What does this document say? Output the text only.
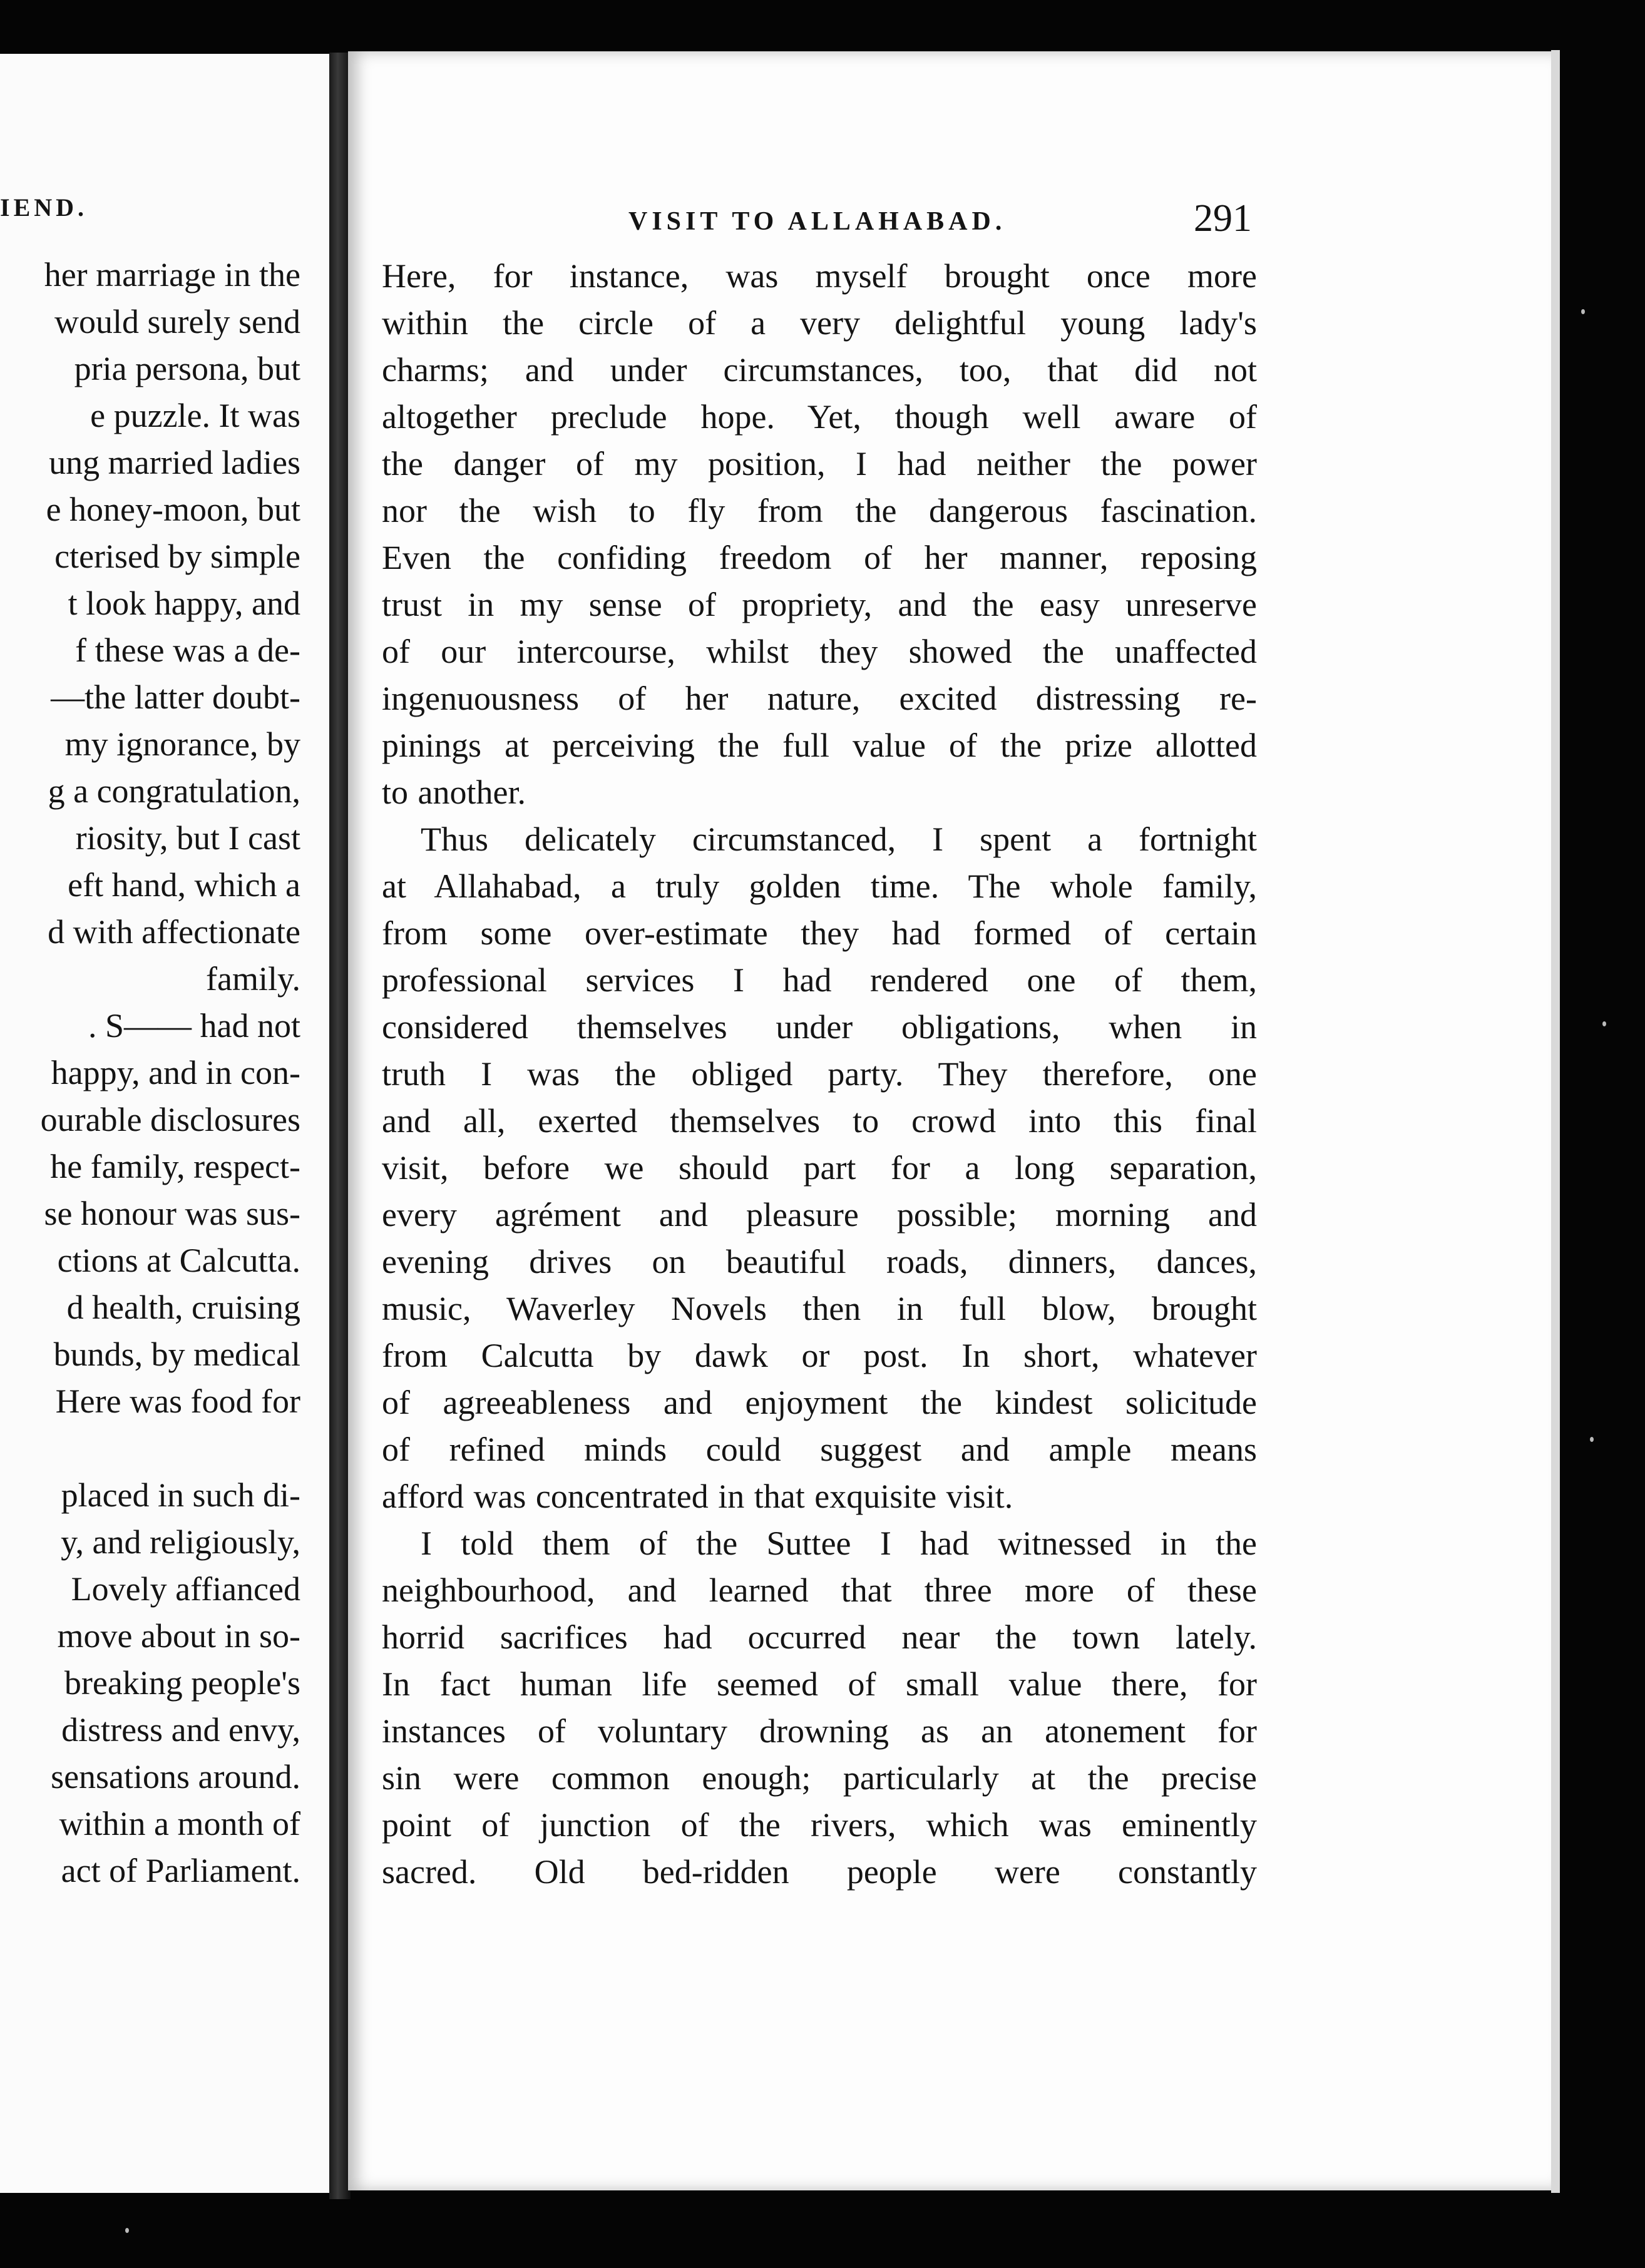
IEND.
her marriage in the
would surely send
pria persona, but
e puzzle. It was
ung married ladies
e honey-moon, but
cterised by simple
t look happy, and
f these was a de-
—the latter doubt-
my ignorance, by
g a congratulation,
riosity, but I cast
eft hand, which a
d with affectionate
family.
. S—— had not
happy, and in con-
ourable disclosures
he family, respect-
se honour was sus-
ctions at Calcutta.
d health, cruising
bunds, by medical
Here was food for
placed in such di-
y, and religiously,
Lovely affianced
move about in so-
breaking people's
distress and envy,
sensations around.
within a month of
act of Parliament.
VISIT TO ALLAHABAD.	291
Here, for instance, was myself brought once more
within the circle of a very delightful young lady's
charms; and under circumstances, too, that did not
altogether preclude hope. Yet, though well aware of
the danger of my position, I had neither the power
nor the wish to fly from the dangerous fascination.
Even the confiding freedom of her manner, reposing
trust in my sense of propriety, and the easy unreserve
of our intercourse, whilst they showed the unaffected
ingenuousness of her nature, excited distressing re-
pinings at perceiving the full value of the prize allotted
to another.
Thus delicately circumstanced, I spent a fortnight
at Allahabad, a truly golden time. The whole family,
from some over-estimate they had formed of certain
professional services I had rendered one of them,
considered themselves under obligations, when in
truth I was the obliged party. They therefore, one
and all, exerted themselves to crowd into this final
visit, before we should part for a long separation,
every agrément and pleasure possible; morning and
evening drives on beautiful roads, dinners, dances,
music, Waverley Novels then in full blow, brought
from Calcutta by dawk or post. In short, whatever
of agreeableness and enjoyment the kindest solicitude
of refined minds could suggest and ample means
afford was concentrated in that exquisite visit.
I told them of the Suttee I had witnessed in the
neighbourhood, and learned that three more of these
horrid sacrifices had occurred near the town lately.
In fact human life seemed of small value there, for
instances of voluntary drowning as an atonement for
sin were common enough; particularly at the precise
point of junction of the rivers, which was eminently
sacred. Old bed-ridden people were constantly
